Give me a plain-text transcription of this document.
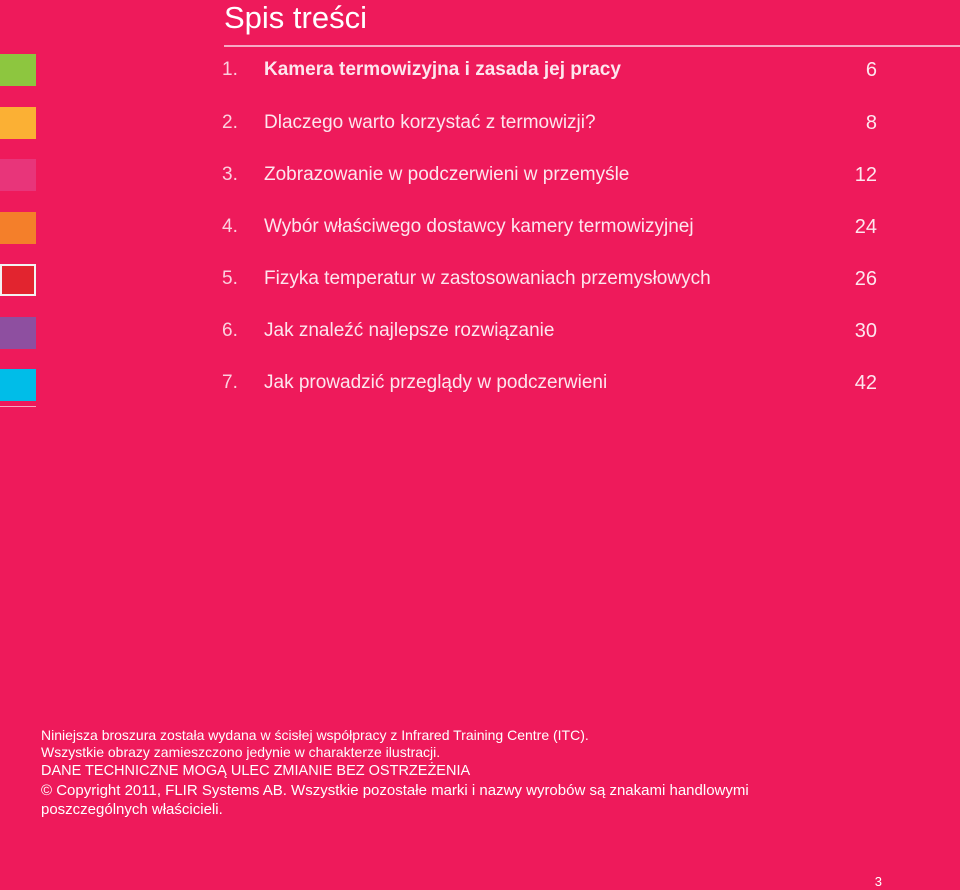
Spis treści
1. Kamera termowizyjna i zasada jej pracy	6
2. Dlaczego warto korzystać z termowizji?	8
3. Zobrazowanie w podczerwieni w przemyśle	12
4. Wybór właściwego dostawcy kamery termowizyjnej	24
5. Fizyka temperatur w zastosowaniach przemysłowych	26
6. Jak znaleźć najlepsze rozwiązanie	30
7. Jak prowadzić przeglądy w podczerwieni	42
Niniejsza broszura została wydana w ścisłej współpracy z Infrared Training Centre (ITC).
Wszystkie obrazy zamieszczono jedynie w charakterze ilustracji.
DANE TECHNICZNE MOGĄ ULEC ZMIANIE BEZ OSTRZEŻENIA
© Copyright 2011, FLIR Systems AB. Wszystkie pozostałe marki i nazwy wyrobów są znakami handlowymi
poszczególnych właścicieli.
3
